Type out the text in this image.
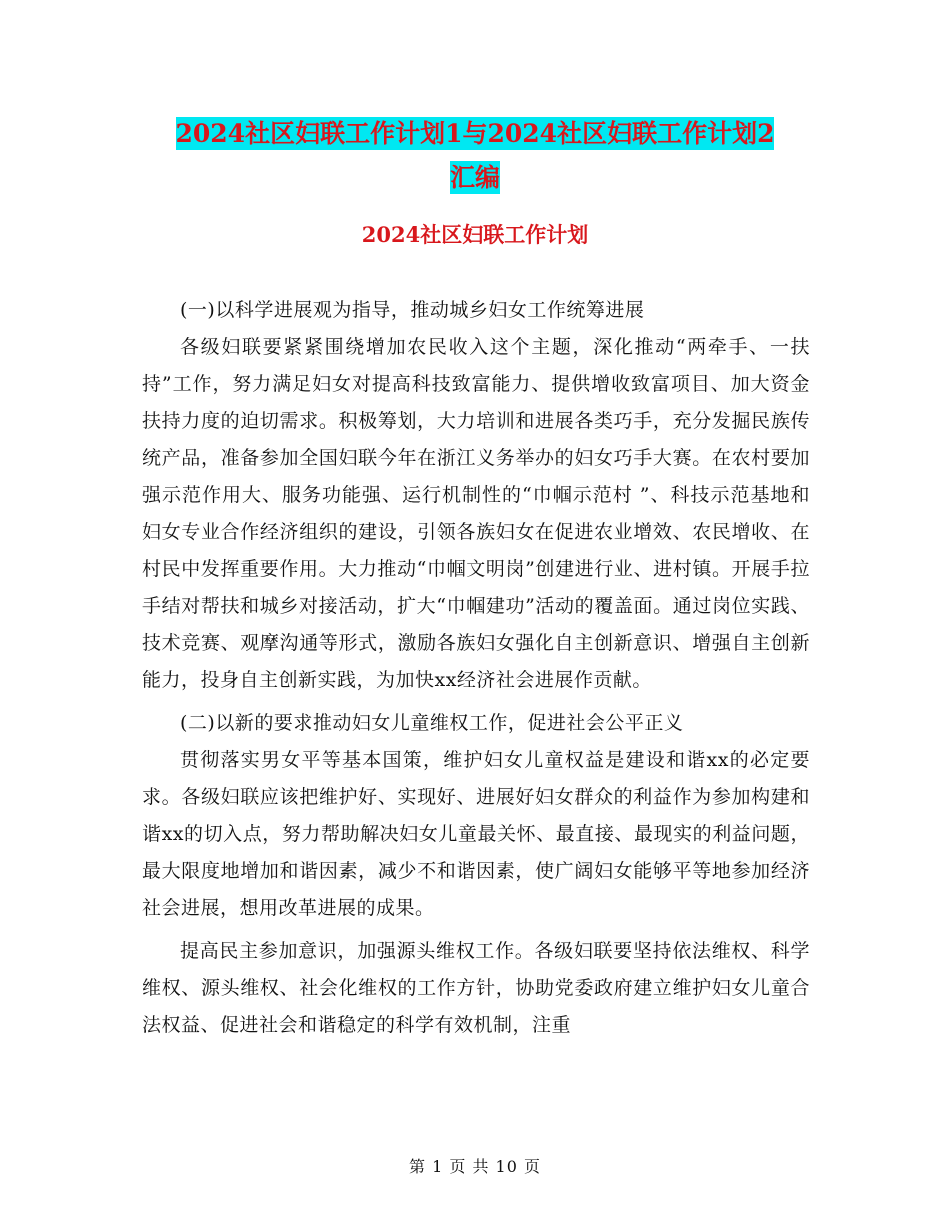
2024社区妇联工作计划1与2024社区妇联工作计划2
汇编
2024社区妇联工作计划

(一)以科学进展观为指导，推动城乡妇女工作统筹进展

各级妇联要紧紧围绕增加农民收入这个主题，深化推动“两牵手、一扶持”工作，努力满足妇女对提高科技致富能力、提供增收致富项目、加大资金扶持力度的迫切需求。积极筹划，大力培训和进展各类巧手，充分发掘民族传统产品，准备参加全国妇联今年在浙江义务举办的妇女巧手大赛。在农村要加强示范作用大、服务功能强、运行机制性的“巾帼示范村 ”、科技示范基地和妇女专业合作经济组织的建设，引领各族妇女在促进农业增效、农民增收、在村民中发挥重要作用。大力推动“巾帼文明岗”创建进行业、进村镇。开展手拉手结对帮扶和城乡对接活动，扩大“巾帼建功”活动的覆盖面。通过岗位实践、技术竞赛、观摩沟通等形式，激励各族妇女强化自主创新意识、增强自主创新能力，投身自主创新实践，为加快xx经济社会进展作贡献。

(二)以新的要求推动妇女儿童维权工作，促进社会公平正义

贯彻落实男女平等基本国策，维护妇女儿童权益是建设和谐xx的必定要求。各级妇联应该把维护好、实现好、进展好妇女群众的利益作为参加构建和谐xx的切入点，努力帮助解决妇女儿童最关怀、最直接、最现实的利益问题，最大限度地增加和谐因素，减少不和谐因素，使广阔妇女能够平等地参加经济社会进展，想用改革进展的成果。

提高民主参加意识，加强源头维权工作。各级妇联要坚持依法维权、科学维权、源头维权、社会化维权的工作方针，协助党委政府建立维护妇女儿童合法权益、促进社会和谐稳定的科学有效机制，注重

第 1 页 共 10 页
